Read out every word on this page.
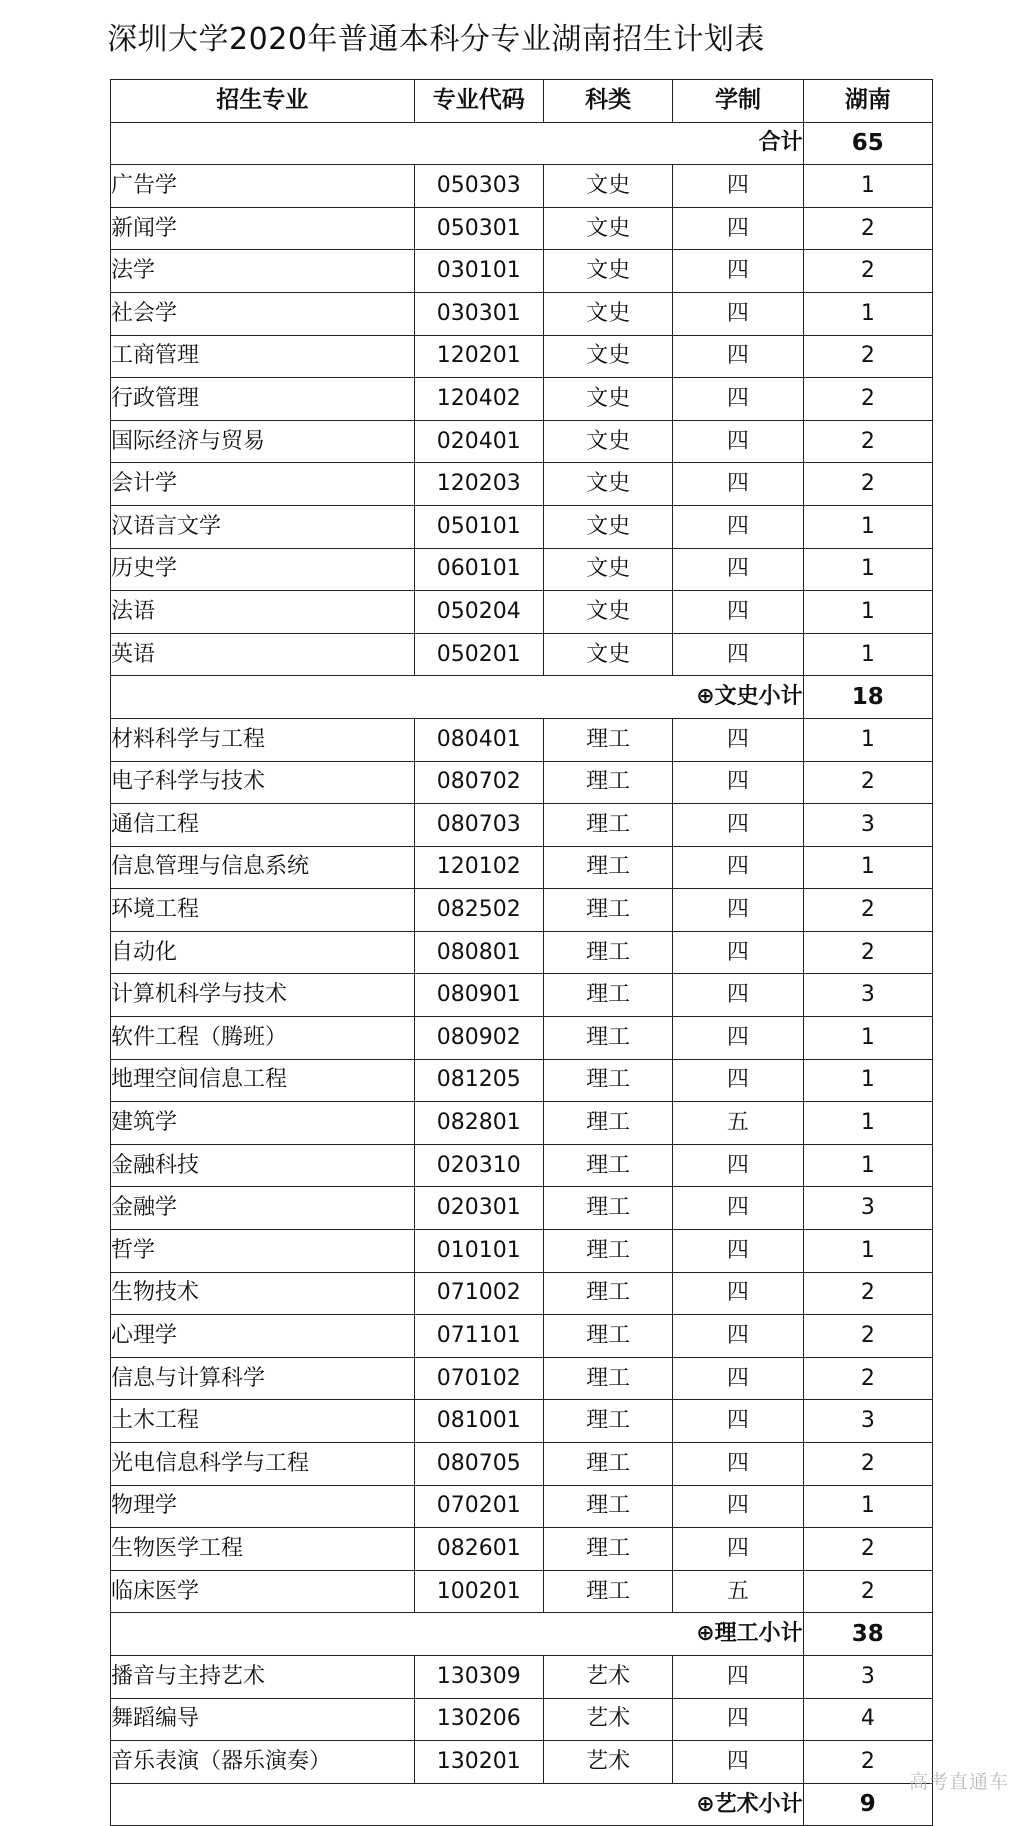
深圳大学2020年普通本科分专业湖南招生计划表
招生专业	专业代码	科类	学制	湖南
合计				65
广告学	050303	文史	四	1
新闻学	050301	文史	四	2
法学	030101	文史	四	2
社会学	030301	文史	四	1
工商管理	120201	文史	四	2
行政管理	120402	文史	四	2
国际经济与贸易	020401	文史	四	2
会计学	120203	文史	四	2
汉语言文学	050101	文史	四	1
历史学	060101	文史	四	1
法语	050204	文史	四	1
英语	050201	文史	四	1
⊕文史小计				18
材料科学与工程	080401	理工	四	1
电子科学与技术	080702	理工	四	2
通信工程	080703	理工	四	3
信息管理与信息系统	120102	理工	四	1
环境工程	082502	理工	四	2
自动化	080801	理工	四	2
计算机科学与技术	080901	理工	四	3
软件工程（腾班）	080902	理工	四	1
地理空间信息工程	081205	理工	四	1
建筑学	082801	理工	五	1
金融科技	020310	理工	四	1
金融学	020301	理工	四	3
哲学	010101	理工	四	1
生物技术	071002	理工	四	2
心理学	071101	理工	四	2
信息与计算科学	070102	理工	四	2
土木工程	081001	理工	四	3
光电信息科学与工程	080705	理工	四	2
物理学	070201	理工	四	1
生物医学工程	082601	理工	四	2
临床医学	100201	理工	五	2
⊕理工小计				38
播音与主持艺术	130309	艺术	四	3
舞蹈编导	130206	艺术	四	4
音乐表演（器乐演奏）	130201	艺术	四	2
⊕艺术小计				9
高考直通车
